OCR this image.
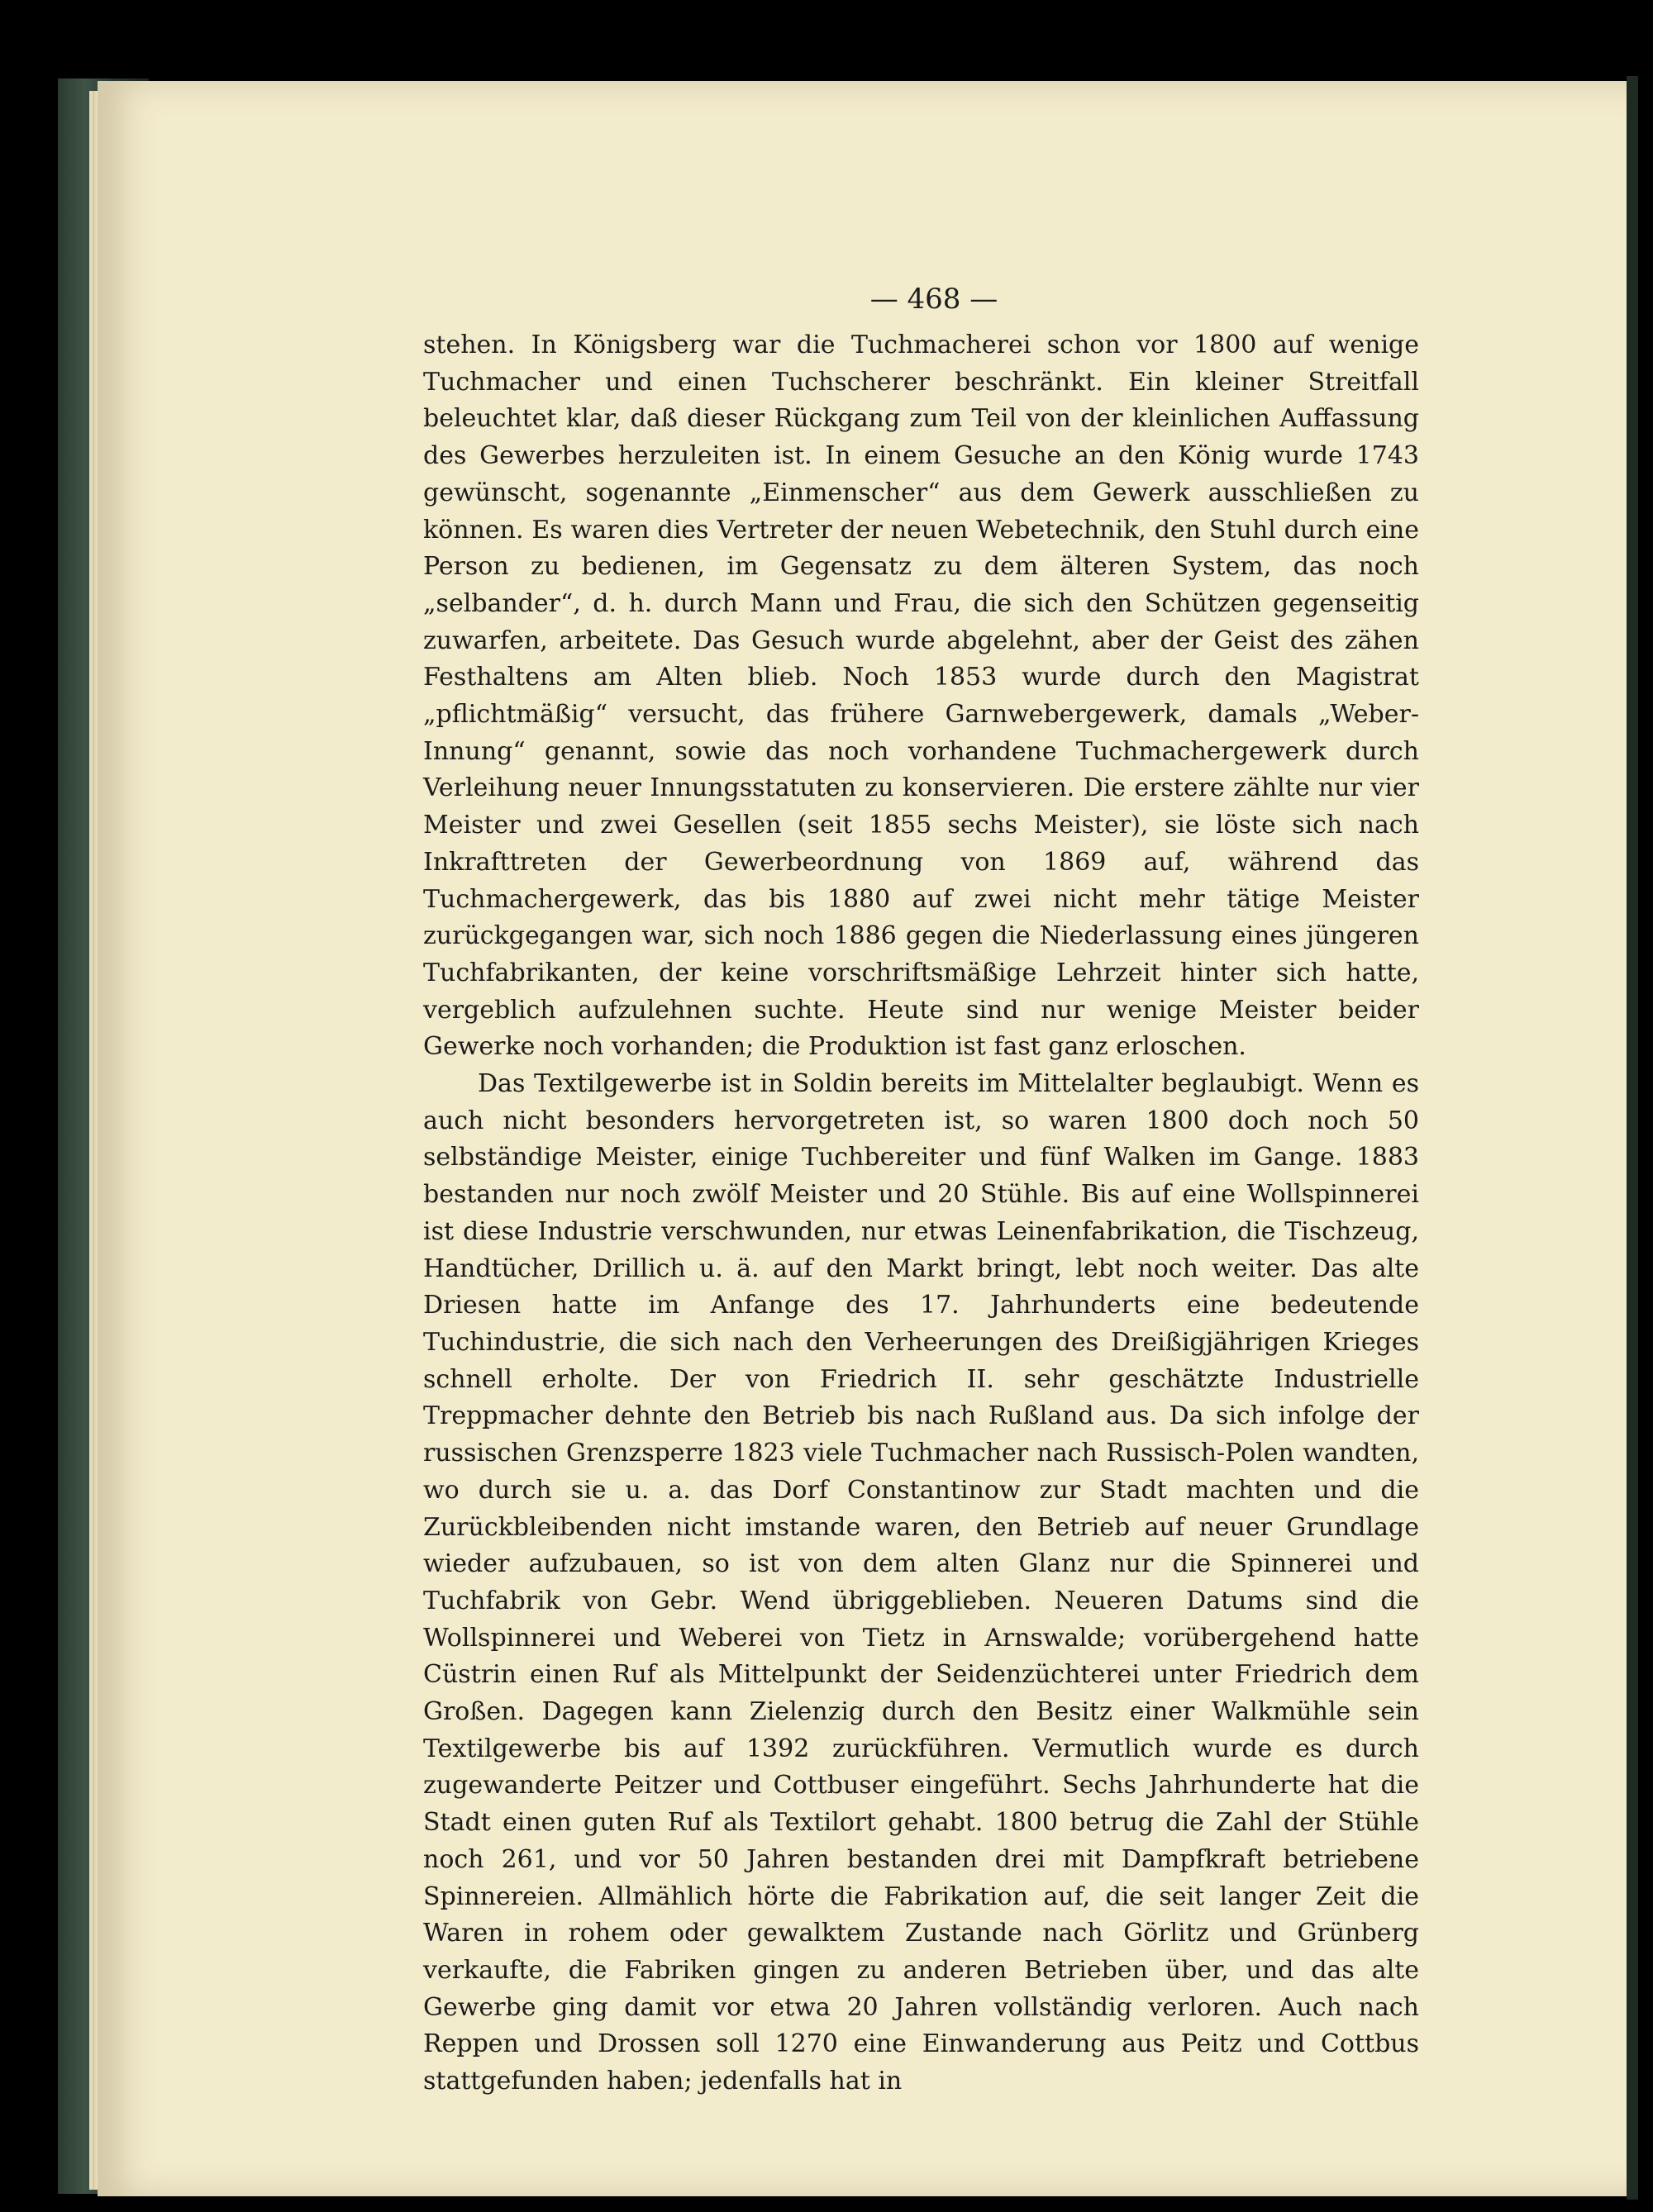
— 468 —

stehen. In Königsberg war die Tuchmacherei schon vor 1800 auf wenige Tuchmacher und einen Tuchscherer beschränkt. Ein kleiner Streitfall beleuchtet klar, daß dieser Rückgang zum Teil von der kleinlichen Auffassung des Gewerbes herzuleiten ist. In einem Gesuche an den König wurde 1743 gewünscht, sogenannte „Einmenscher“ aus dem Gewerk ausschließen zu können. Es waren dies Vertreter der neuen Webetechnik, den Stuhl durch eine Person zu bedienen, im Gegensatz zu dem älteren System, das noch „selbander“, d. h. durch Mann und Frau, die sich den Schützen gegenseitig zuwarfen, arbeitete. Das Gesuch wurde abgelehnt, aber der Geist des zähen Festhaltens am Alten blieb. Noch 1853 wurde durch den Magistrat „pflichtmäßig“ versucht, das frühere Garnwebergewerk, damals „Weber-Innung“ genannt, sowie das noch vorhandene Tuchmachergewerk durch Verleihung neuer Innungsstatuten zu konservieren. Die erstere zählte nur vier Meister und zwei Gesellen (seit 1855 sechs Meister), sie löste sich nach Inkrafttreten der Gewerbeordnung von 1869 auf, während das Tuchmachergewerk, das bis 1880 auf zwei nicht mehr tätige Meister zurückgegangen war, sich noch 1886 gegen die Niederlassung eines jüngeren Tuchfabrikanten, der keine vorschriftsmäßige Lehrzeit hinter sich hatte, vergeblich aufzulehnen suchte. Heute sind nur wenige Meister beider Gewerke noch vorhanden; die Produktion ist fast ganz erloschen.

Das Textilgewerbe ist in Soldin bereits im Mittelalter beglaubigt. Wenn es auch nicht besonders hervorgetreten ist, so waren 1800 doch noch 50 selbständige Meister, einige Tuchbereiter und fünf Walken im Gange. 1883 bestanden nur noch zwölf Meister und 20 Stühle. Bis auf eine Wollspinnerei ist diese Industrie verschwunden, nur etwas Leinenfabrikation, die Tischzeug, Handtücher, Drillich u. ä. auf den Markt bringt, lebt noch weiter. Das alte Driesen hatte im Anfange des 17. Jahrhunderts eine bedeutende Tuchindustrie, die sich nach den Verheerungen des Dreißigjährigen Krieges schnell erholte. Der von Friedrich II. sehr geschätzte Industrielle Treppmacher dehnte den Betrieb bis nach Rußland aus. Da sich infolge der russischen Grenzsperre 1823 viele Tuchmacher nach Russisch-Polen wandten, wo durch sie u. a. das Dorf Constantinow zur Stadt machten und die Zurückbleibenden nicht imstande waren, den Betrieb auf neuer Grundlage wieder aufzubauen, so ist von dem alten Glanz nur die Spinnerei und Tuchfabrik von Gebr. Wend übriggeblieben. Neueren Datums sind die Wollspinnerei und Weberei von Tietz in Arnswalde; vorübergehend hatte Cüstrin einen Ruf als Mittelpunkt der Seidenzüchterei unter Friedrich dem Großen. Dagegen kann Zielenzig durch den Besitz einer Walkmühle sein Textilgewerbe bis auf 1392 zurückführen. Vermutlich wurde es durch zugewanderte Peitzer und Cottbuser eingeführt. Sechs Jahrhunderte hat die Stadt einen guten Ruf als Textilort gehabt. 1800 betrug die Zahl der Stühle noch 261, und vor 50 Jahren bestanden drei mit Dampfkraft betriebene Spinnereien. Allmählich hörte die Fabrikation auf, die seit langer Zeit die Waren in rohem oder gewalktem Zustande nach Görlitz und Grünberg verkaufte, die Fabriken gingen zu anderen Betrieben über, und das alte Gewerbe ging damit vor etwa 20 Jahren vollständig verloren. Auch nach Reppen und Drossen soll 1270 eine Einwanderung aus Peitz und Cottbus stattgefunden haben; jedenfalls hat in
